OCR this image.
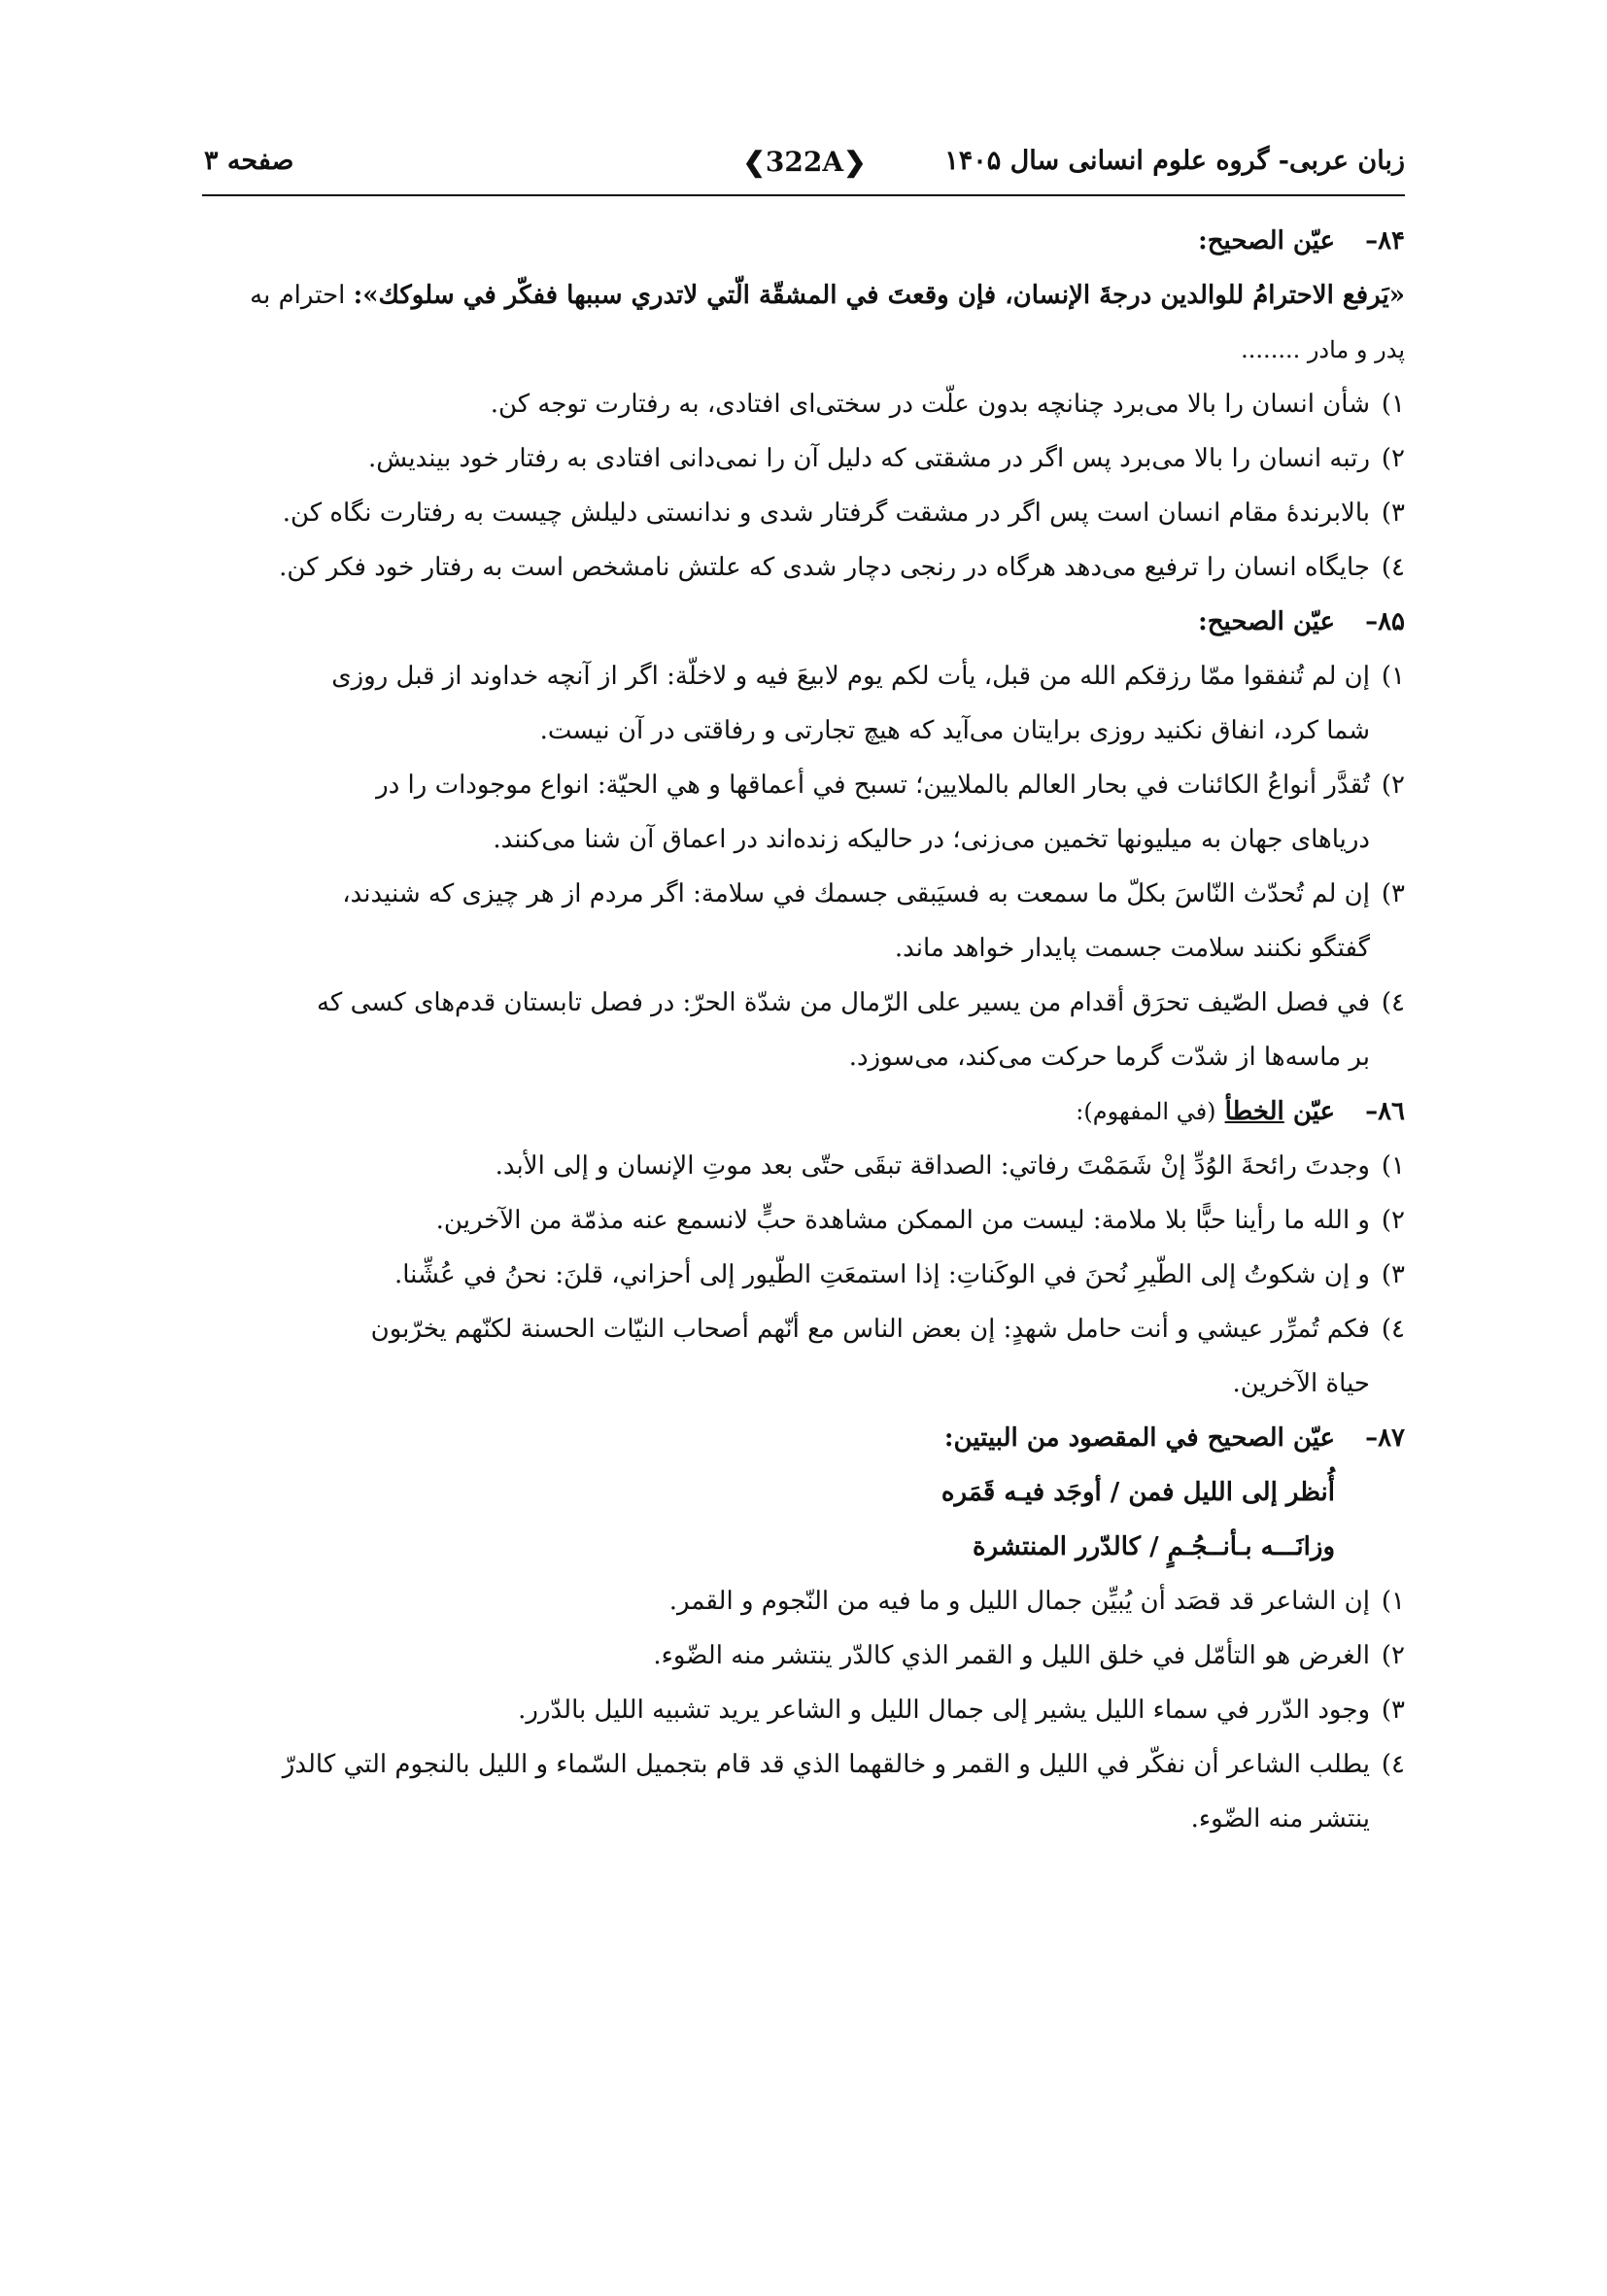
زبان عربی- گروه علوم انسانی سال ۱۴۰۵
❮322A❯
صفحه ۳
۸۴–
عيّن الصحيح:
«يَرفع الاحترامُ للوالدين درجةَ الإنسان، فإن وقعتَ في المشقّة الّتي لاتدري سببها ففكّر في سلوكك»: احترام به
پدر و مادر ........
۱)
شأن انسان را بالا می‌برد چنانچه بدون علّت در سختی‌ای افتادی، به رفتارت توجه کن.
۲)
رتبه انسان را بالا می‌برد پس اگر در مشقتی که دلیل آن را نمی‌دانی افتادی به رفتار خود بیندیش.
۳)
بالابرندهٔ مقام انسان است پس اگر در مشقت گرفتار شدی و ندانستی دلیلش چیست به رفتارت نگاه کن.
٤)
جایگاه انسان را ترفیع می‌دهد هرگاه در رنجی دچار شدی که علتش نامشخص است به رفتار خود فکر کن.
۸۵–
عيّن الصحيح:
۱)
إن لم تُنفقوا ممّا رزقكم الله من قبل، يأت لكم يوم لابيعَ فيه و لاخلّة: اگر از آنچه خداوند از قبل روزی
شما کرد، انفاق نکنید روزی برایتان می‌آید که هیچ تجارتی و رفاقتی در آن نیست.
۲)
تُقدَّر أنواعُ الكائنات في بحار العالم بالملايين؛ تسبح في أعماقها و هي الحيّة: انواع موجودات را در
دریاهای جهان به میلیونها تخمین می‌زنی؛ در حالیکه زنده‌اند در اعماق آن شنا می‌کنند.
۳)
إن لم تُحدّث النّاسَ بكلّ ما سمعت به فسيَبقى جسمك في سلامة: اگر مردم از هر چیزی که شنیدند،
گفتگو نکنند سلامت جسمت پایدار خواهد ماند.
٤)
في فصل الصّيف تحرَق أقدام من يسير على الرّمال من شدّة الحرّ: در فصل تابستان قدم‌های کسی که
بر ماسه‌ها از شدّت گرما حرکت می‌کند، می‌سوزد.
۸٦–
عيّن الخطأ (في المفهوم):
۱)
وجدتَ رائحةَ الوُدِّ إنْ شَمَمْتَ رفاتي: الصداقة تبقَى حتّى بعد موتِ الإنسان و إلى الأبد.
۲)
و الله ما رأينا حبًّا بلا ملامة: ليست من الممكن مشاهدة حبٍّ لانسمع عنه مذمّة من الآخرين.
۳)
و إن شكوتُ إلى الطّيرِ نُحنَ في الوكَناتِ: إذا استمعَتِ الطّيور إلى أحزاني، قلنَ: نحنُ في عُشِّنا.
٤)
فكم تُمرِّر عيشي و أنت حامل شهدٍ: إن بعض الناس مع أنّهم أصحاب النيّات الحسنة لكنّهم يخرّبون
حياة الآخرين.
۸۷–
عيّن الصحيح في المقصود من البيتين:
أُنظر إلى الليل فمن / أوجَد فيـه قَمَره
وزانَـــه بـأنــجُـمٍ / كالدّرر المنتشرة
۱)
إن الشاعر قد قصَد أن يُبيِّن جمال الليل و ما فيه من النّجوم و القمر.
۲)
الغرض هو التأمّل في خلق الليل و القمر الذي كالدّر ينتشر منه الضّوء.
۳)
وجود الدّرر في سماء الليل يشير إلى جمال الليل و الشاعر يريد تشبيه الليل بالدّرر.
٤)
يطلب الشاعر أن نفكّر في الليل و القمر و خالقهما الذي قد قام بتجميل السّماء و الليل بالنجوم التي كالدرّ
ينتشر منه الضّوء.
